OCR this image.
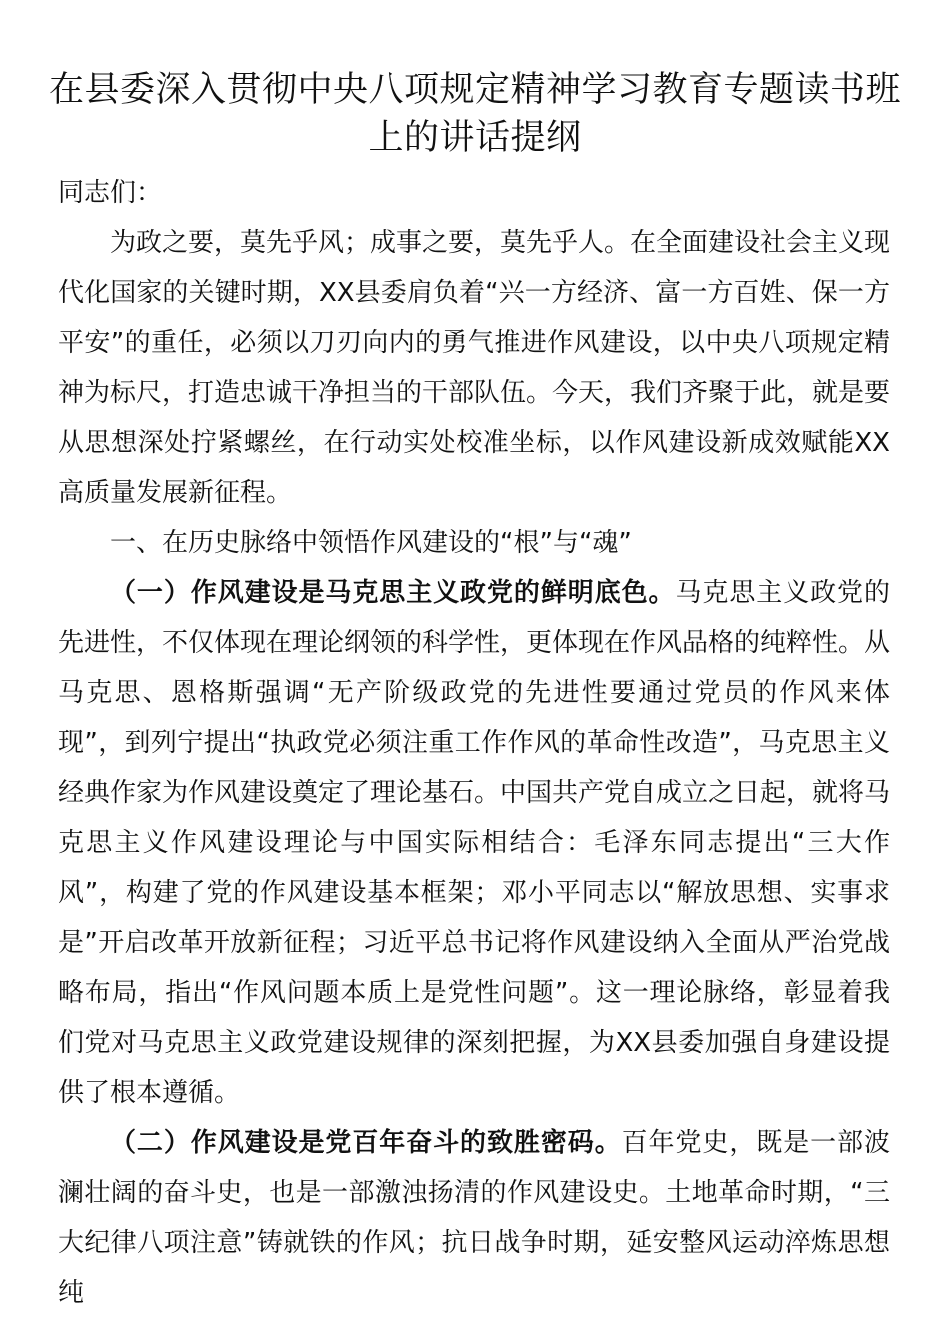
在县委深入贯彻中央八项规定精神学习教育专题读书班上的讲话提纲

同志们：

为政之要，莫先乎风；成事之要，莫先乎人。在全面建设社会主义现代化国家的关键时期，XX县委肩负着“兴一方经济、富一方百姓、保一方平安”的重任，必须以刀刃向内的勇气推进作风建设，以中央八项规定精神为标尺，打造忠诚干净担当的干部队伍。今天，我们齐聚于此，就是要从思想深处拧紧螺丝，在行动实处校准坐标，以作风建设新成效赋能XX高质量发展新征程。

一、在历史脉络中领悟作风建设的“根”与“魂”

（一）作风建设是马克思主义政党的鲜明底色。马克思主义政党的先进性，不仅体现在理论纲领的科学性，更体现在作风品格的纯粹性。从马克思、恩格斯强调“无产阶级政党的先进性要通过党员的作风来体现”，到列宁提出“执政党必须注重工作作风的革命性改造”，马克思主义经典作家为作风建设奠定了理论基石。中国共产党自成立之日起，就将马克思主义作风建设理论与中国实际相结合：毛泽东同志提出“三大作风”，构建了党的作风建设基本框架；邓小平同志以“解放思想、实事求是”开启改革开放新征程；习近平总书记将作风建设纳入全面从严治党战略布局，指出“作风问题本质上是党性问题”。这一理论脉络，彰显着我们党对马克思主义政党建设规律的深刻把握，为XX县委加强自身建设提供了根本遵循。

（二）作风建设是党百年奋斗的致胜密码。百年党史，既是一部波澜壮阔的奋斗史，也是一部激浊扬清的作风建设史。土地革命时期，“三大纪律八项注意”铸就铁的作风；抗日战争时期，延安整风运动淬炼思想纯
